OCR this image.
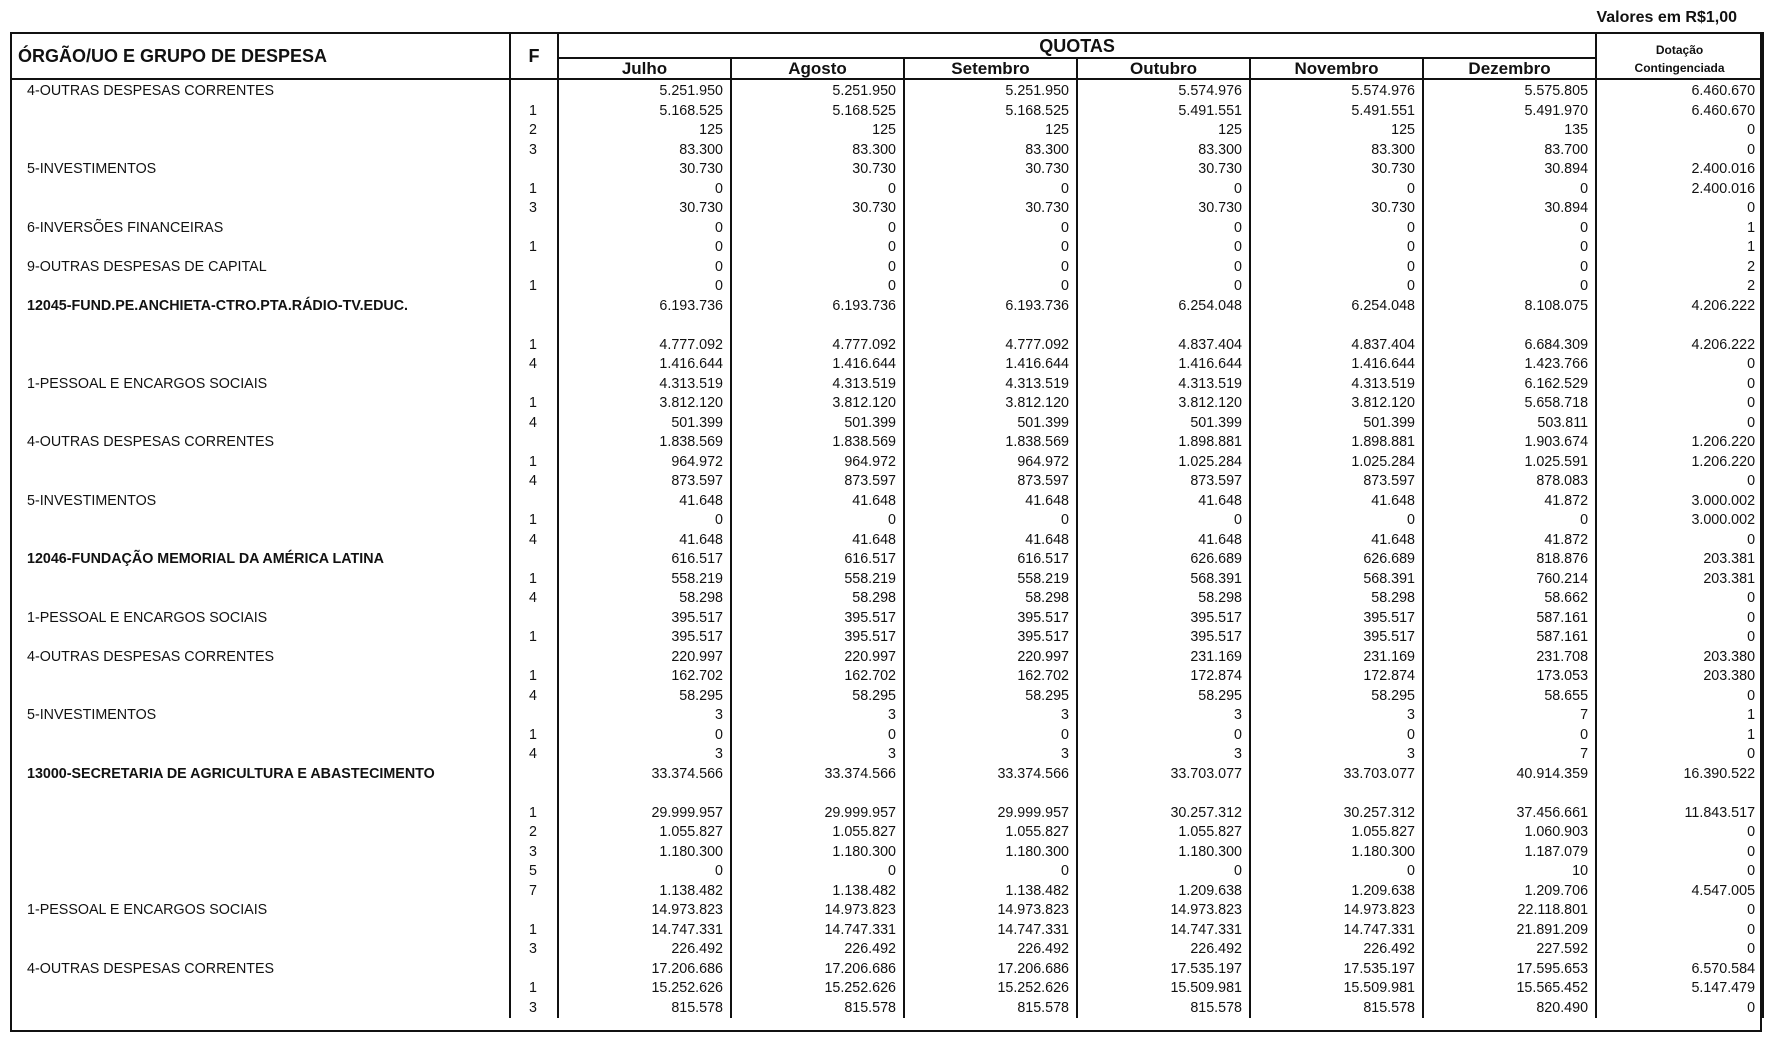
Valores em R$1,00
ÓRGÃO/UO E GRUPO DE DESPESA	F	QUOTAS						Dotação
		Julho	Agosto	Setembro	Outubro	Novembro	Dezembro	Contingenciada
4-OUTRAS DESPESAS CORRENTES		5.251.950	5.251.950	5.251.950	5.574.976	5.574.976	5.575.805	6.460.670
	1	5.168.525	5.168.525	5.168.525	5.491.551	5.491.551	5.491.970	6.460.670
	2	125	125	125	125	125	135	0
	3	83.300	83.300	83.300	83.300	83.300	83.700	0
5-INVESTIMENTOS		30.730	30.730	30.730	30.730	30.730	30.894	2.400.016
	1	0	0	0	0	0	0	2.400.016
	3	30.730	30.730	30.730	30.730	30.730	30.894	0
6-INVERSÕES FINANCEIRAS		0	0	0	0	0	0	1
	1	0	0	0	0	0	0	1
9-OUTRAS DESPESAS DE CAPITAL		0	0	0	0	0	0	2
	1	0	0	0	0	0	0	2
12045-FUND.PE.ANCHIETA-CTRO.PTA.RÁDIO-TV.EDUC.		6.193.736	6.193.736	6.193.736	6.254.048	6.254.048	8.108.075	4.206.222
	1	4.777.092	4.777.092	4.777.092	4.837.404	4.837.404	6.684.309	4.206.222
	4	1.416.644	1.416.644	1.416.644	1.416.644	1.416.644	1.423.766	0
1-PESSOAL E ENCARGOS SOCIAIS		4.313.519	4.313.519	4.313.519	4.313.519	4.313.519	6.162.529	0
	1	3.812.120	3.812.120	3.812.120	3.812.120	3.812.120	5.658.718	0
	4	501.399	501.399	501.399	501.399	501.399	503.811	0
4-OUTRAS DESPESAS CORRENTES		1.838.569	1.838.569	1.838.569	1.898.881	1.898.881	1.903.674	1.206.220
	1	964.972	964.972	964.972	1.025.284	1.025.284	1.025.591	1.206.220
	4	873.597	873.597	873.597	873.597	873.597	878.083	0
5-INVESTIMENTOS		41.648	41.648	41.648	41.648	41.648	41.872	3.000.002
	1	0	0	0	0	0	0	3.000.002
	4	41.648	41.648	41.648	41.648	41.648	41.872	0
12046-FUNDAÇÃO MEMORIAL DA AMÉRICA LATINA		616.517	616.517	616.517	626.689	626.689	818.876	203.381
	1	558.219	558.219	558.219	568.391	568.391	760.214	203.381
	4	58.298	58.298	58.298	58.298	58.298	58.662	0
1-PESSOAL E ENCARGOS SOCIAIS		395.517	395.517	395.517	395.517	395.517	587.161	0
	1	395.517	395.517	395.517	395.517	395.517	587.161	0
4-OUTRAS DESPESAS CORRENTES		220.997	220.997	220.997	231.169	231.169	231.708	203.380
	1	162.702	162.702	162.702	172.874	172.874	173.053	203.380
	4	58.295	58.295	58.295	58.295	58.295	58.655	0
5-INVESTIMENTOS		3	3	3	3	3	7	1
	1	0	0	0	0	0	0	1
	4	3	3	3	3	3	7	0
13000-SECRETARIA DE AGRICULTURA E ABASTECIMENTO		33.374.566	33.374.566	33.374.566	33.703.077	33.703.077	40.914.359	16.390.522
	1	29.999.957	29.999.957	29.999.957	30.257.312	30.257.312	37.456.661	11.843.517
	2	1.055.827	1.055.827	1.055.827	1.055.827	1.055.827	1.060.903	0
	3	1.180.300	1.180.300	1.180.300	1.180.300	1.180.300	1.187.079	0
	5	0	0	0	0	0	10	0
	7	1.138.482	1.138.482	1.138.482	1.209.638	1.209.638	1.209.706	4.547.005
1-PESSOAL E ENCARGOS SOCIAIS		14.973.823	14.973.823	14.973.823	14.973.823	14.973.823	22.118.801	0
	1	14.747.331	14.747.331	14.747.331	14.747.331	14.747.331	21.891.209	0
	3	226.492	226.492	226.492	226.492	226.492	227.592	0
4-OUTRAS DESPESAS CORRENTES		17.206.686	17.206.686	17.206.686	17.535.197	17.535.197	17.595.653	6.570.584
	1	15.252.626	15.252.626	15.252.626	15.509.981	15.509.981	15.565.452	5.147.479
	3	815.578	815.578	815.578	815.578	815.578	820.490	0
